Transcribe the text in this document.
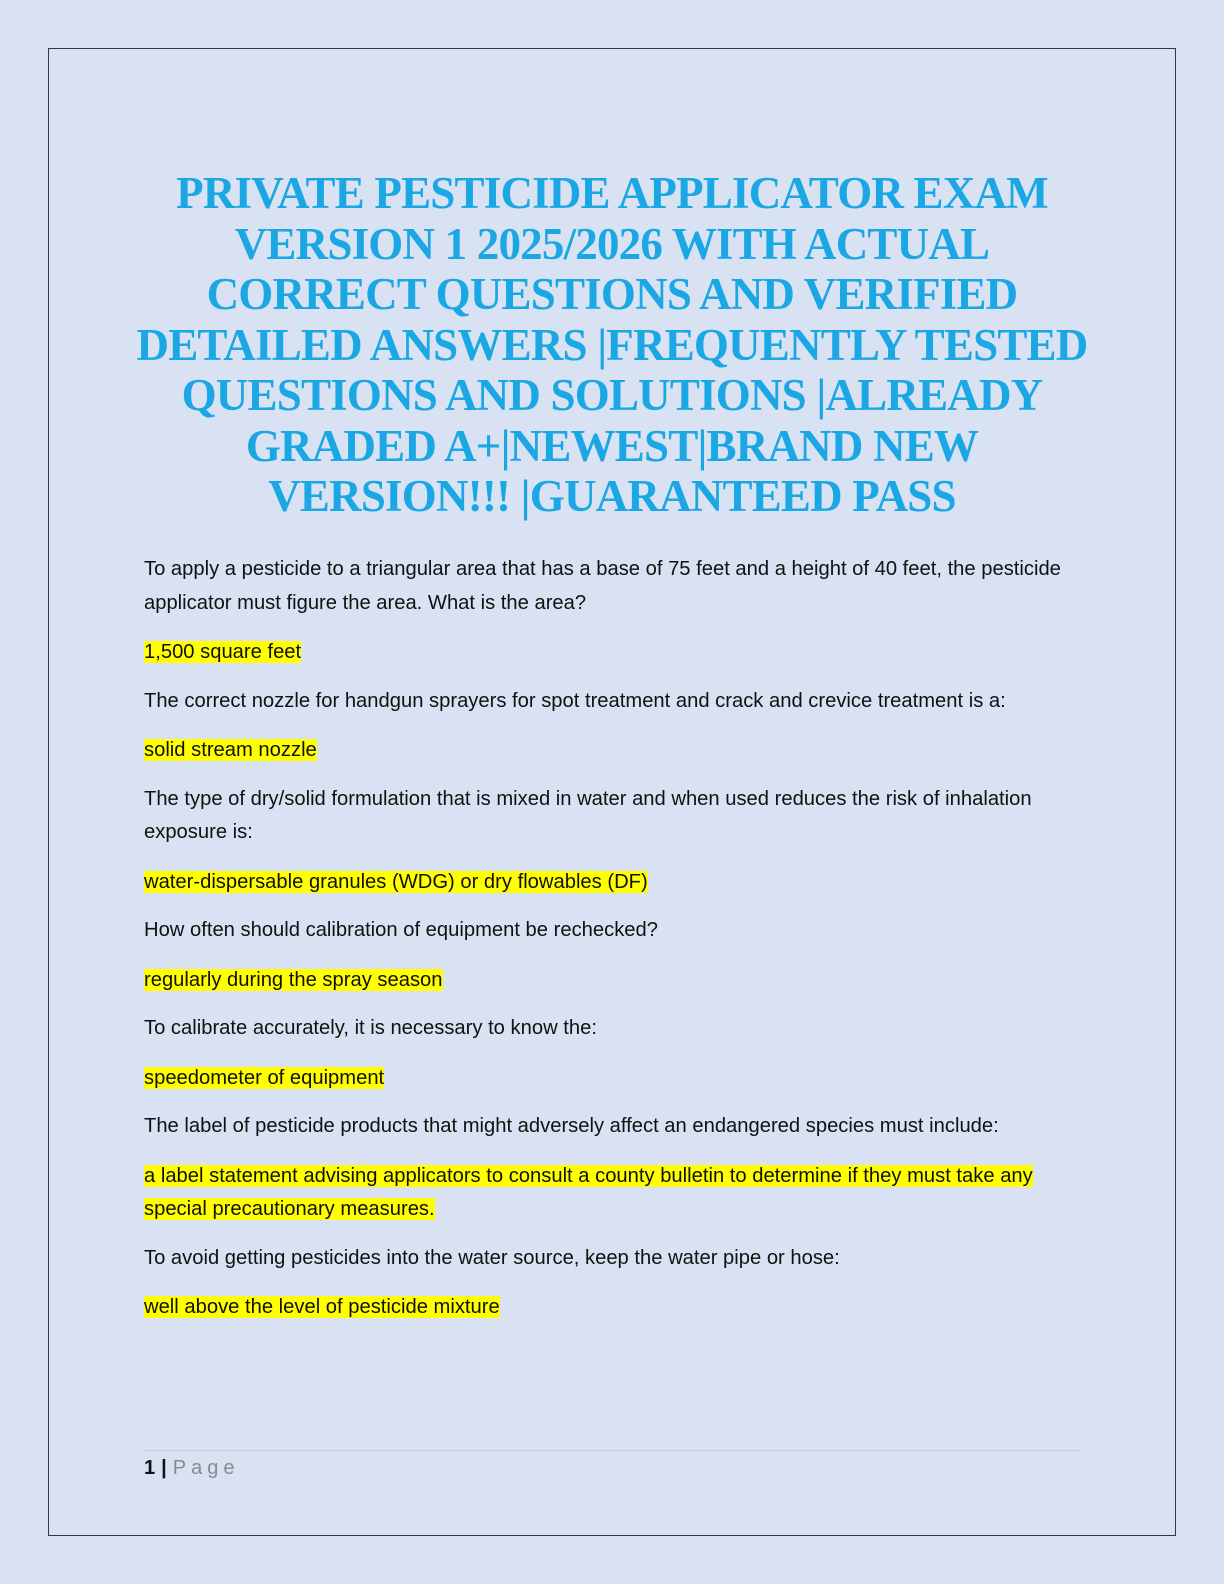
PRIVATE PESTICIDE APPLICATOR EXAM VERSION 1 2025/2026 WITH ACTUAL CORRECT QUESTIONS AND VERIFIED DETAILED ANSWERS |FREQUENTLY TESTED QUESTIONS AND SOLUTIONS |ALREADY GRADED A+|NEWEST|BRAND NEW VERSION!!! |GUARANTEED PASS

To apply a pesticide to a triangular area that has a base of 75 feet and a height of 40 feet, the pesticide applicator must figure the area. What is the area?

1,500 square feet

The correct nozzle for handgun sprayers for spot treatment and crack and crevice treatment is a:

solid stream nozzle

The type of dry/solid formulation that is mixed in water and when used reduces the risk of inhalation exposure is:

water-dispersable granules (WDG) or dry flowables (DF)

How often should calibration of equipment be rechecked?

regularly during the spray season

To calibrate accurately, it is necessary to know the:

speedometer of equipment

The label of pesticide products that might adversely affect an endangered species must include:

a label statement advising applicators to consult a county bulletin to determine if they must take any special precautionary measures.

To avoid getting pesticides into the water source, keep the water pipe or hose:

well above the level of pesticide mixture

1 | Page
